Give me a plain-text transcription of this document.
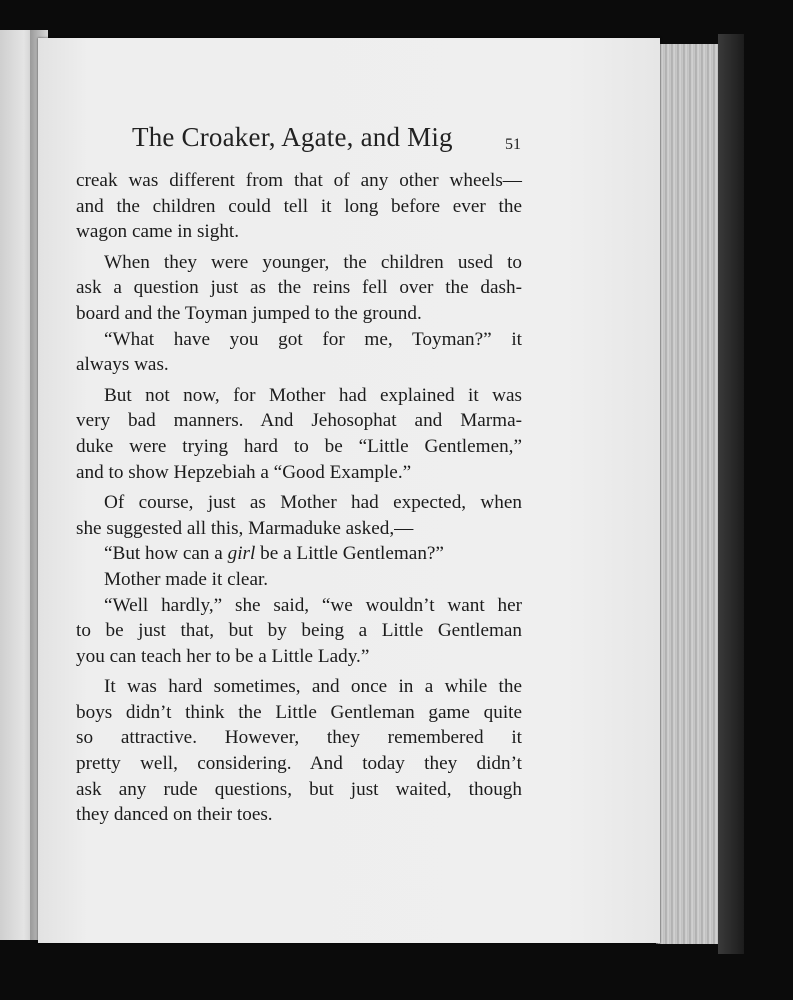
The Croaker, Agate, and Mig	51
creak was different from that of any other wheels—
and the children could tell it long before ever the
wagon came in sight.
When they were younger, the children used to
ask a question just as the reins fell over the dash-
board and the Toyman jumped to the ground.
“What have you got for me, Toyman?” it
always was.
But not now, for Mother had explained it was
very bad manners. And Jehosophat and Marma-
duke were trying hard to be “Little Gentlemen,”
and to show Hepzebiah a “Good Example.”
Of course, just as Mother had expected, when
she suggested all this, Marmaduke asked,—
“But how can a girl be a Little Gentleman?”
Mother made it clear.
“Well hardly,” she said, “we wouldn’t want her
to be just that, but by being a Little Gentleman
you can teach her to be a Little Lady.”
It was hard sometimes, and once in a while the
boys didn’t think the Little Gentleman game quite
so attractive. However, they remembered it
pretty well, considering. And today they didn’t
ask any rude questions, but just waited, though
they danced on their toes.
